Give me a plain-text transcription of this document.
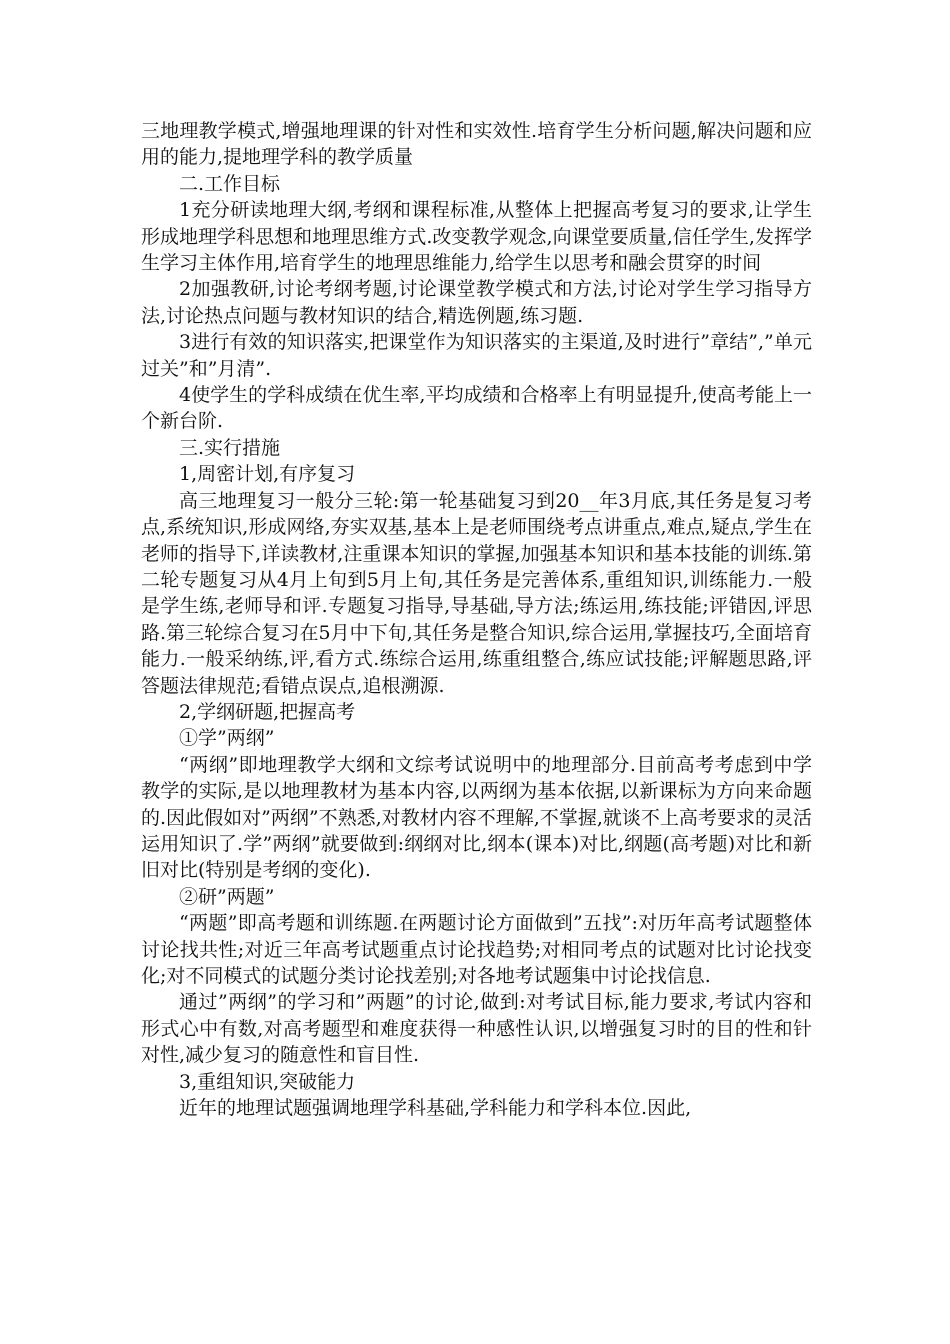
三地理教学模式,增强地理课的针对性和实效性.培育学生分析问题,解决问题和应用的能力,提地理学科的教学质量

二.工作目标

1充分研读地理大纲,考纲和课程标准,从整体上把握高考复习的要求,让学生形成地理学科思想和地理思维方式.改变教学观念,向课堂要质量,信任学生,发挥学生学习主体作用,培育学生的地理思维能力,给学生以思考和融会贯穿的时间

2加强教研,讨论考纲考题,讨论课堂教学模式和方法,讨论对学生学习指导方法,讨论热点问题与教材知识的结合,精选例题,练习题.

3进行有效的知识落实,把课堂作为知识落实的主渠道,及时进行”章结”,”单元过关”和”月清”.

4使学生的学科成绩在优生率,平均成绩和合格率上有明显提升,使高考能上一个新台阶.

三.实行措施

1,周密计划,有序复习

高三地理复习一般分三轮:第一轮基础复习到20__年3月底,其任务是复习考点,系统知识,形成网络,夯实双基,基本上是老师围绕考点讲重点,难点,疑点,学生在老师的指导下,详读教材,注重课本知识的掌握,加强基本知识和基本技能的训练.第二轮专题复习从4月上旬到5月上旬,其任务是完善体系,重组知识,训练能力.一般是学生练,老师导和评.专题复习指导,导基础,导方法;练运用,练技能;评错因,评思路.第三轮综合复习在5月中下旬,其任务是整合知识,综合运用,掌握技巧,全面培育能力.一般采纳练,评,看方式.练综合运用,练重组整合,练应试技能;评解题思路,评答题法律规范;看错点误点,追根溯源.

2,学纲研题,把握高考

①学”两纲”

“两纲”即地理教学大纲和文综考试说明中的地理部分.目前高考考虑到中学教学的实际,是以地理教材为基本内容,以两纲为基本依据,以新课标为方向来命题的.因此假如对”两纲”不熟悉,对教材内容不理解,不掌握,就谈不上高考要求的灵活运用知识了.学”两纲”就要做到:纲纲对比,纲本(课本)对比,纲题(高考题)对比和新旧对比(特别是考纲的变化).

②研”两题”

“两题”即高考题和训练题.在两题讨论方面做到”五找”:对历年高考试题整体讨论找共性;对近三年高考试题重点讨论找趋势;对相同考点的试题对比讨论找变化;对不同模式的试题分类讨论找差别;对各地考试题集中讨论找信息.

通过”两纲”的学习和”两题”的讨论,做到:对考试目标,能力要求,考试内容和形式心中有数,对高考题型和难度获得一种感性认识,以增强复习时的目的性和针对性,减少复习的随意性和盲目性.

3,重组知识,突破能力

近年的地理试题强调地理学科基础,学科能力和学科本位.因此,
